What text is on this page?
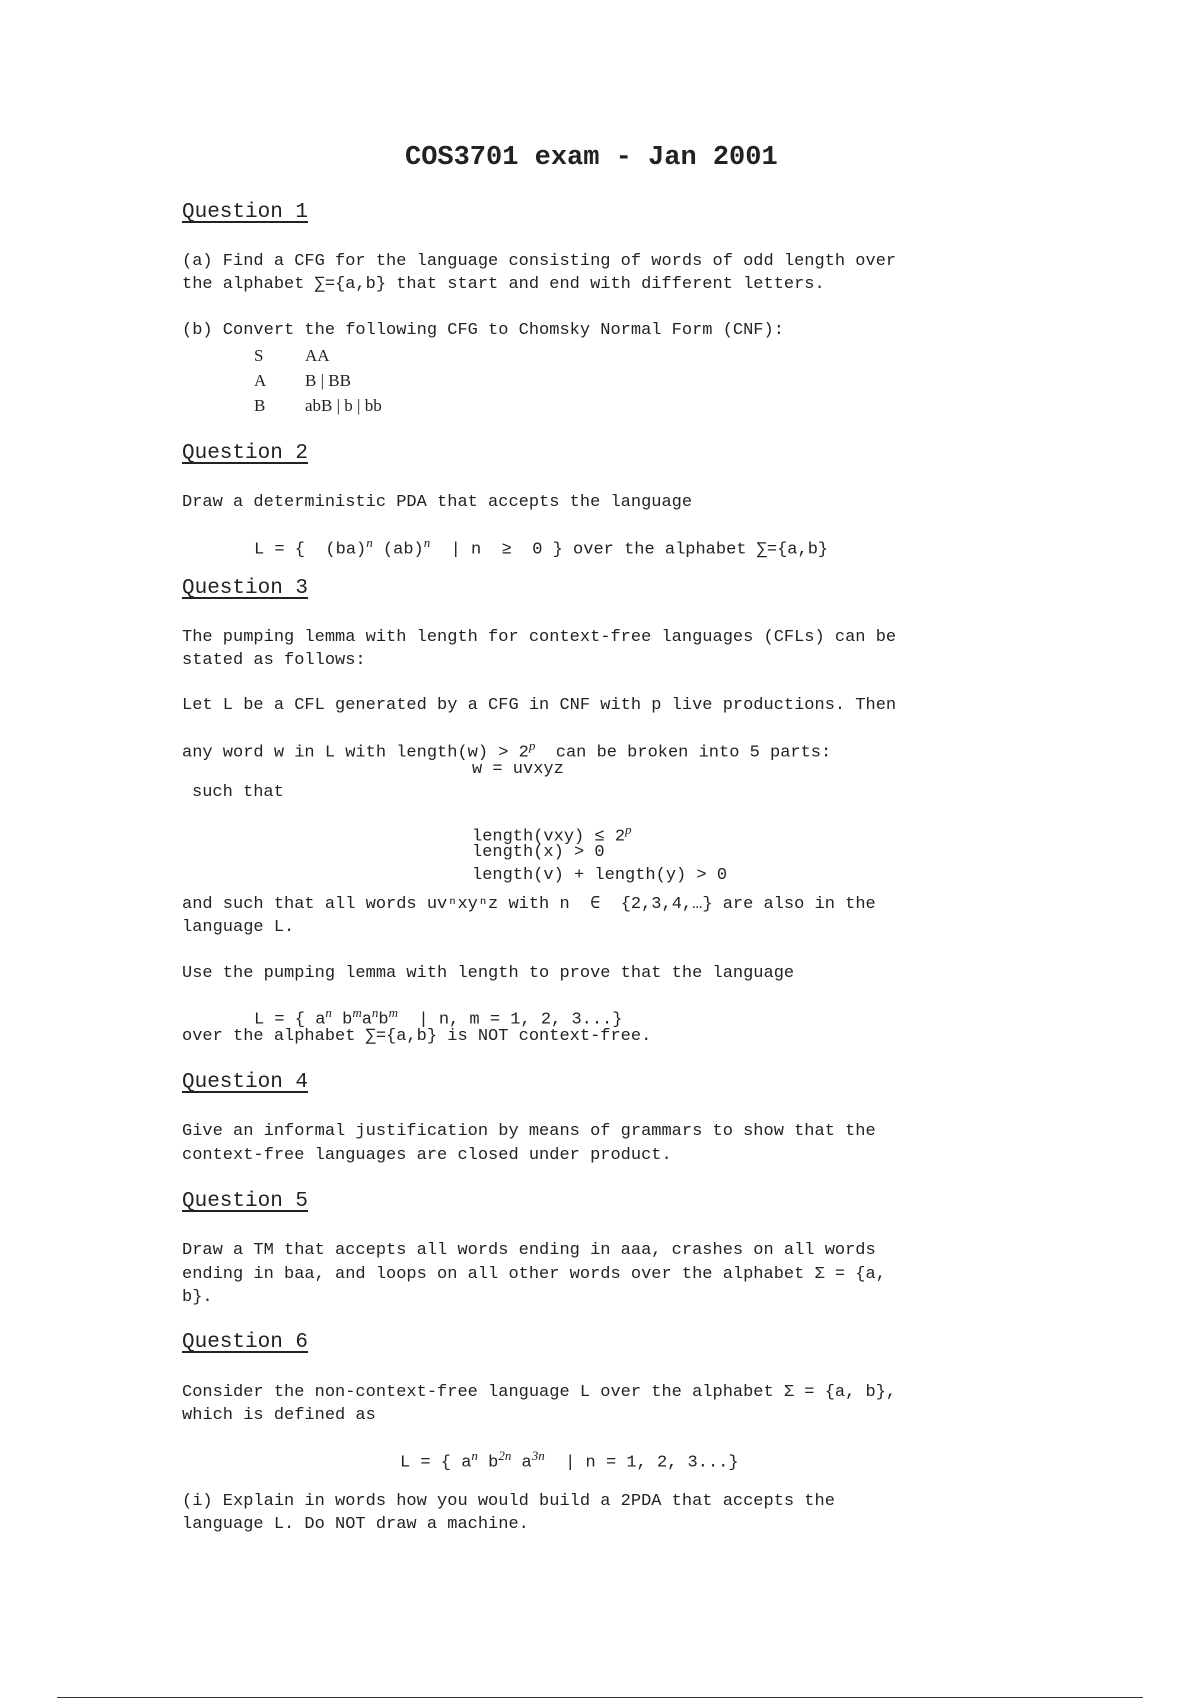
COS3701 exam - Jan 2001
Question 1
(a) Find a CFG for the language consisting of words of odd length over
the alphabet ∑={a,b} that start and end with different letters.
(b) Convert the following CFG to Chomsky Normal Form (CNF):
S AA
A B | BB
B abB | b | bb
Question 2
Draw a deterministic PDA that accepts the language
L = {  (ba)$^n$ (ab)$^n$  | n  ≥  0 } over the alphabet ∑={a,b}
Question 3
The pumping lemma with length for context-free languages (CFLs) can be
stated as follows:
Let L be a CFL generated by a CFG in CNF with p live productions. Then
any word w in L with length(w) > $2^p$  can be broken into 5 parts:
w = uvxyz
such that
length(vxy) ≤ $2^p$
length(x) > 0
length(v) + length(y) > 0
and such that all words uvⁿxyⁿz with n  ∈  {2,3,4,…} are also in the
language L.
Use the pumping lemma with length to prove that the language
L = { $a^n$ $b^ma^nb^m$  | n, m = 1, 2, 3...}
over the alphabet ∑={a,b} is NOT context-free.
Question 4
Give an informal justification by means of grammars to show that the
context-free languages are closed under product.
Question 5
Draw a TM that accepts all words ending in aaa, crashes on all words
ending in baa, and loops on all other words over the alphabet Σ = {a,
b}.
Question 6
Consider the non-context-free language L over the alphabet Σ = {a, b},
which is defined as
L = { $a^n$ $b^{2n}$ $a^{3n}$  | n = 1, 2, 3...}
(i) Explain in words how you would build a 2PDA that accepts the
language L. Do NOT draw a machine.
